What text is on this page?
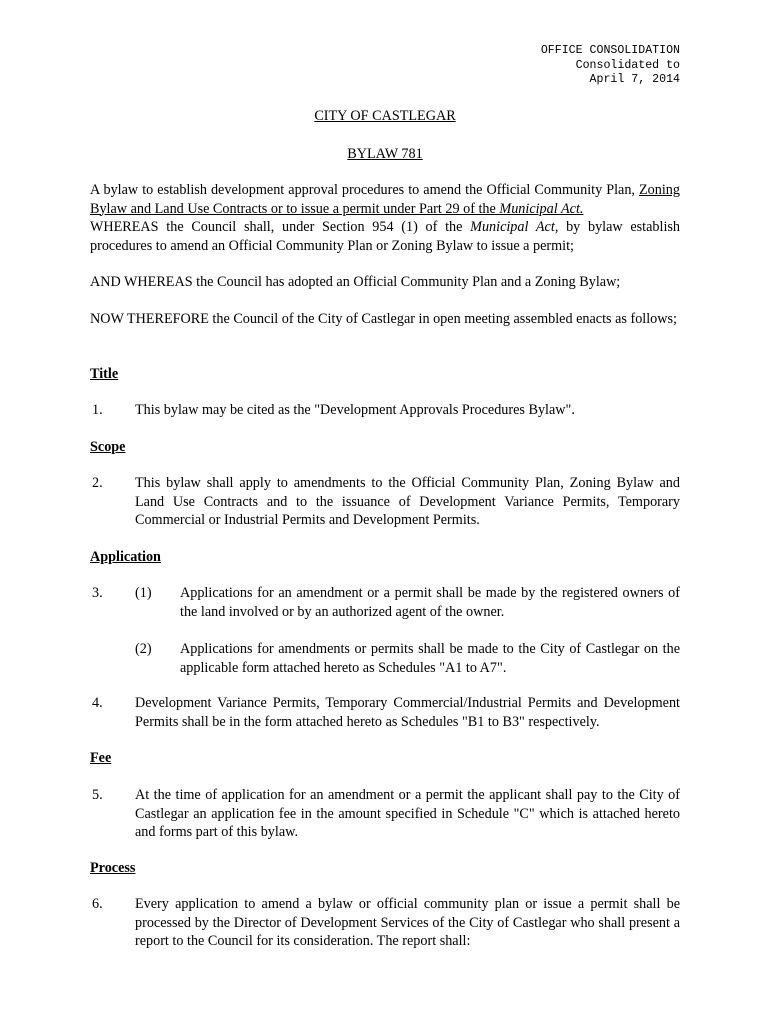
OFFICE CONSOLIDATION
Consolidated to
April 7, 2014
CITY OF CASTLEGAR
BYLAW 781
A bylaw to establish development approval procedures to amend the Official Community Plan, Zoning Bylaw and Land Use Contracts or to issue a permit under Part 29 of the Municipal Act.
WHEREAS the Council shall, under Section 954 (1) of the Municipal Act, by bylaw establish procedures to amend an Official Community Plan or Zoning Bylaw to issue a permit;
AND WHEREAS the Council has adopted an Official Community Plan and a Zoning Bylaw;
NOW THEREFORE the Council of the City of Castlegar in open meeting assembled enacts as follows;
Title
1. This bylaw may be cited as the "Development Approvals Procedures Bylaw".
Scope
2. This bylaw shall apply to amendments to the Official Community Plan, Zoning Bylaw and Land Use Contracts and to the issuance of Development Variance Permits, Temporary Commercial or Industrial Permits and Development Permits.
Application
3. (1) Applications for an amendment or a permit shall be made by the registered owners of the land involved or by an authorized agent of the owner.
(2) Applications for amendments or permits shall be made to the City of Castlegar on the applicable form attached hereto as Schedules "A1 to A7".
4. Development Variance Permits, Temporary Commercial/Industrial Permits and Development Permits shall be in the form attached hereto as Schedules "B1 to B3" respectively.
Fee
5. At the time of application for an amendment or a permit the applicant shall pay to the City of Castlegar an application fee in the amount specified in Schedule "C" which is attached hereto and forms part of this bylaw.
Process
6. Every application to amend a bylaw or official community plan or issue a permit shall be processed by the Director of Development Services of the City of Castlegar who shall present a report to the Council for its consideration. The report shall:
